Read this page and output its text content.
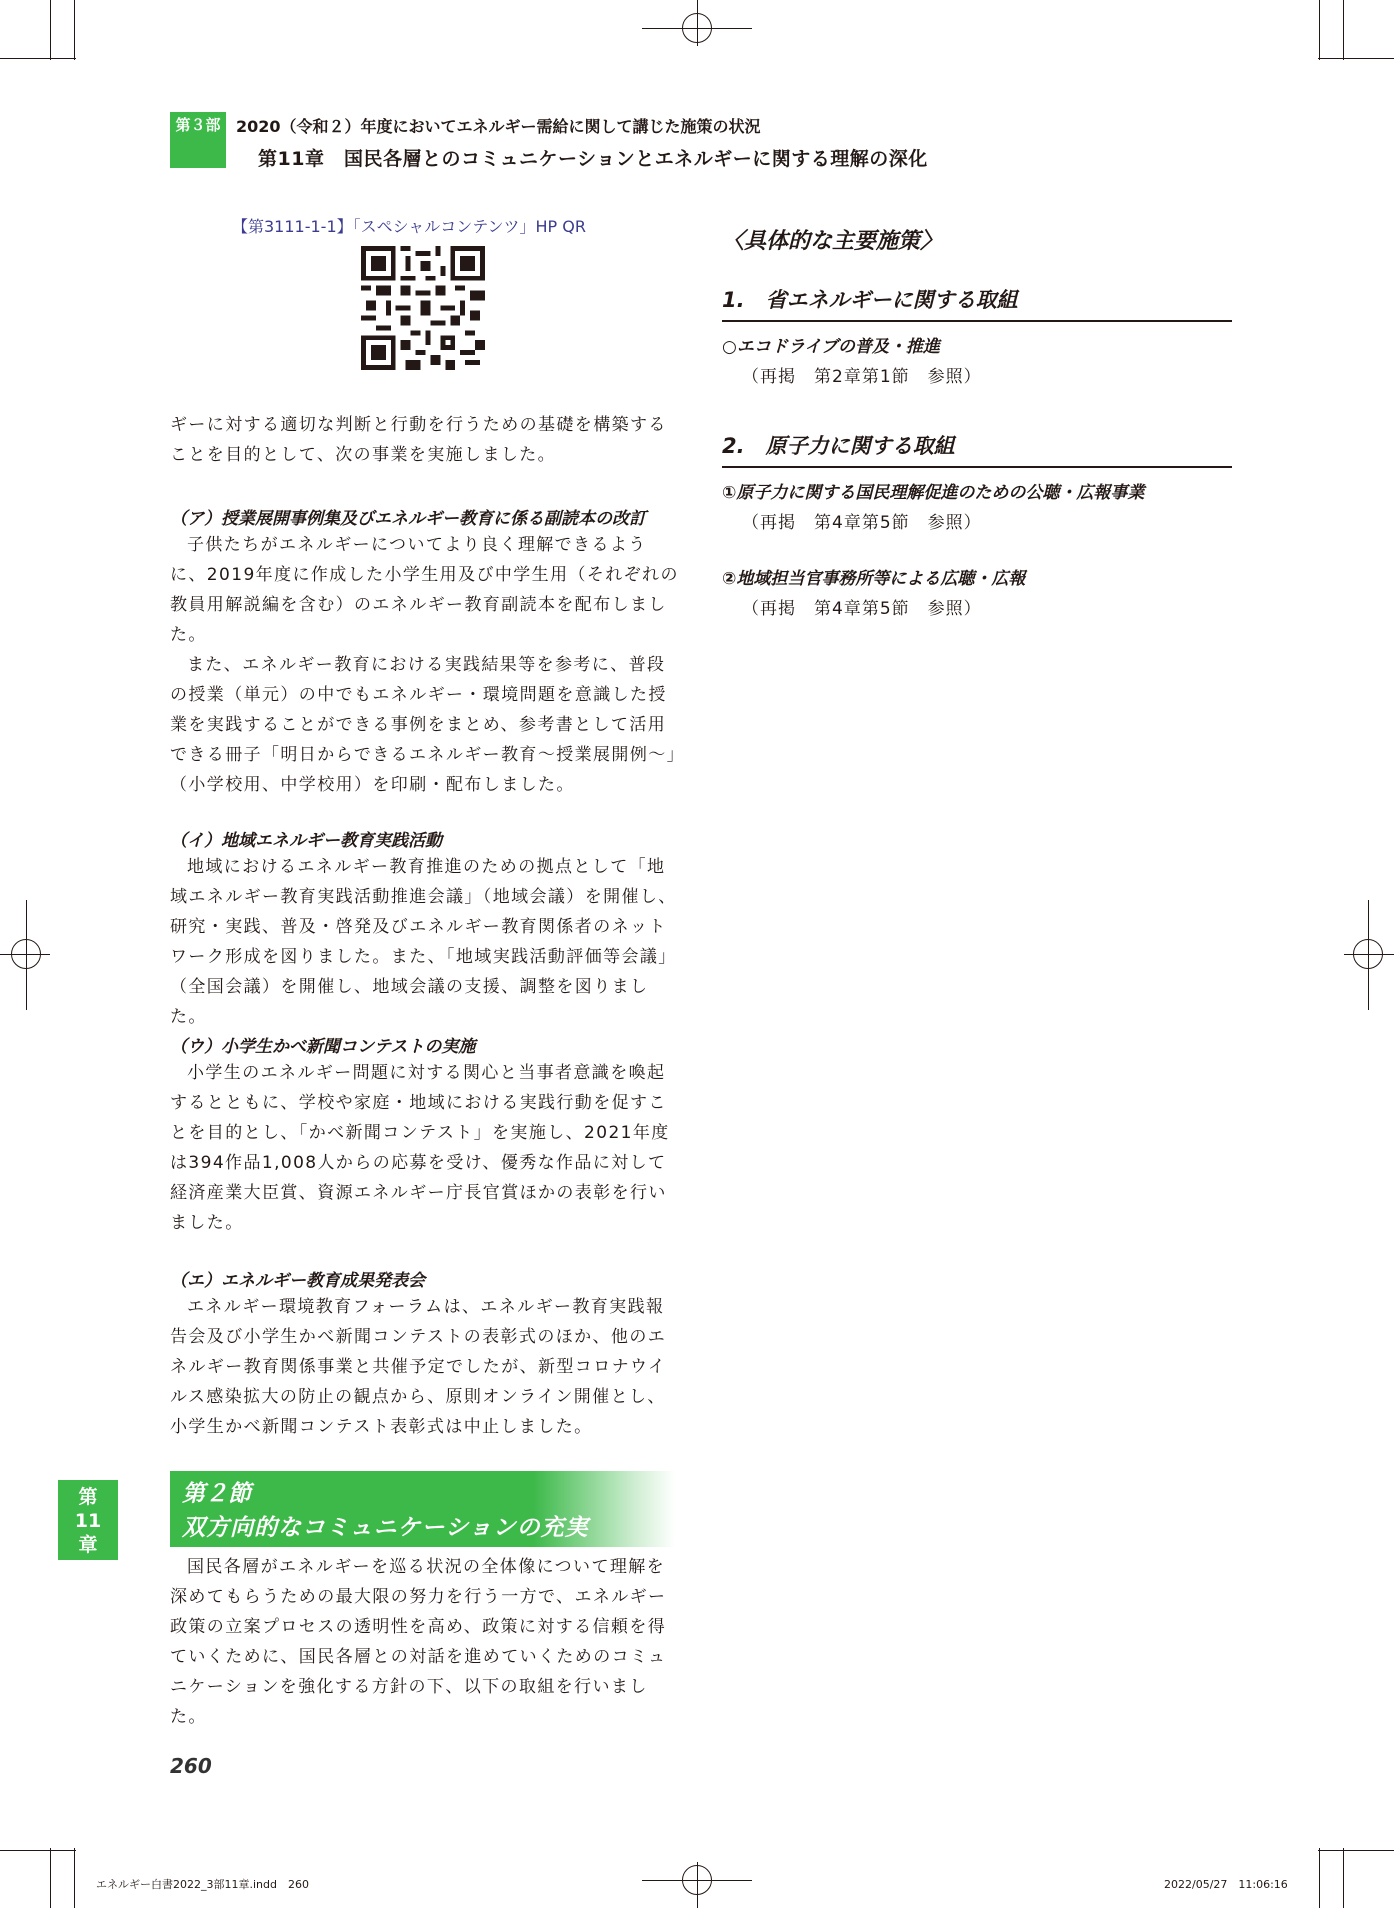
第３部 2020（令和２）年度においてエネルギー需給に関して講じた施策の状況
第11章　国民各層とのコミュニケーションとエネルギーに関する理解の深化
【第3111-1-1】「スペシャルコンテンツ」HP QR

ギーに対する適切な判断と行動を行うための基礎を構築する

ことを目的として、次の事業を実施しました。

（ア）授業展開事例集及びエネルギー教育に係る副読本の改訂

子供たちがエネルギーについてより良く理解できるように、2019年度に作成した小学生用及び中学生用（それぞれの教員用解説編を含む）のエネルギー教育副読本を配布しました。

また、エネルギー教育における実践結果等を参考に、普段の授業（単元）の中でもエネルギー・環境問題を意識した授業を実践することができる事例をまとめ、参考書として活用できる冊子「明日からできるエネルギー教育～授業展開例～」（小学校用、中学校用）を印刷・配布しました。

（イ）地域エネルギー教育実践活動

地域におけるエネルギー教育推進のための拠点として「地域エネルギー教育実践活動推進会議」（地域会議）を開催し、研究・実践、普及・啓発及びエネルギー教育関係者のネットワーク形成を図りました。また、「地域実践活動評価等会議」（全国会議）を開催し、地域会議の支援、調整を図りました。

（ウ）小学生かべ新聞コンテストの実施

小学生のエネルギー問題に対する関心と当事者意識を喚起するとともに、学校や家庭・地域における実践行動を促すことを目的とし、「かべ新聞コンテスト」を実施し、2021年度は394作品1,008人からの応募を受け、優秀な作品に対して経済産業大臣賞、資源エネルギー庁長官賞ほかの表彰を行いました。

（エ）エネルギー教育成果発表会

エネルギー環境教育フォーラムは、エネルギー教育実践報告会及び小学生かべ新聞コンテストの表彰式のほか、他のエネルギー教育関係事業と共催予定でしたが、新型コロナウイルス感染拡大の防止の観点から、原則オンライン開催とし、小学生かべ新聞コンテスト表彰式は中止しました。

第２節
双方向的なコミュニケーションの充実

国民各層がエネルギーを巡る状況の全体像について理解を深めてもらうための最大限の努力を行う一方で、エネルギー政策の立案プロセスの透明性を高め、政策に対する信頼を得ていくために、国民各層との対話を進めていくためのコミュニケーションを強化する方針の下、以下の取組を行いました。

第
11
章
260
〈具体的な主要施策〉
1.　省エネルギーに関する取組
○エコドライブの普及・推進
（再掲　第2章第1節　参照）
2.　原子力に関する取組
①原子力に関する国民理解促進のための公聴・広報事業
（再掲　第4章第5節　参照）
②地域担当官事務所等による広聴・広報
（再掲　第4章第5節　参照）
エネルギー白書2022_3部11章.indd　260	2022/05/27　11:06:16
